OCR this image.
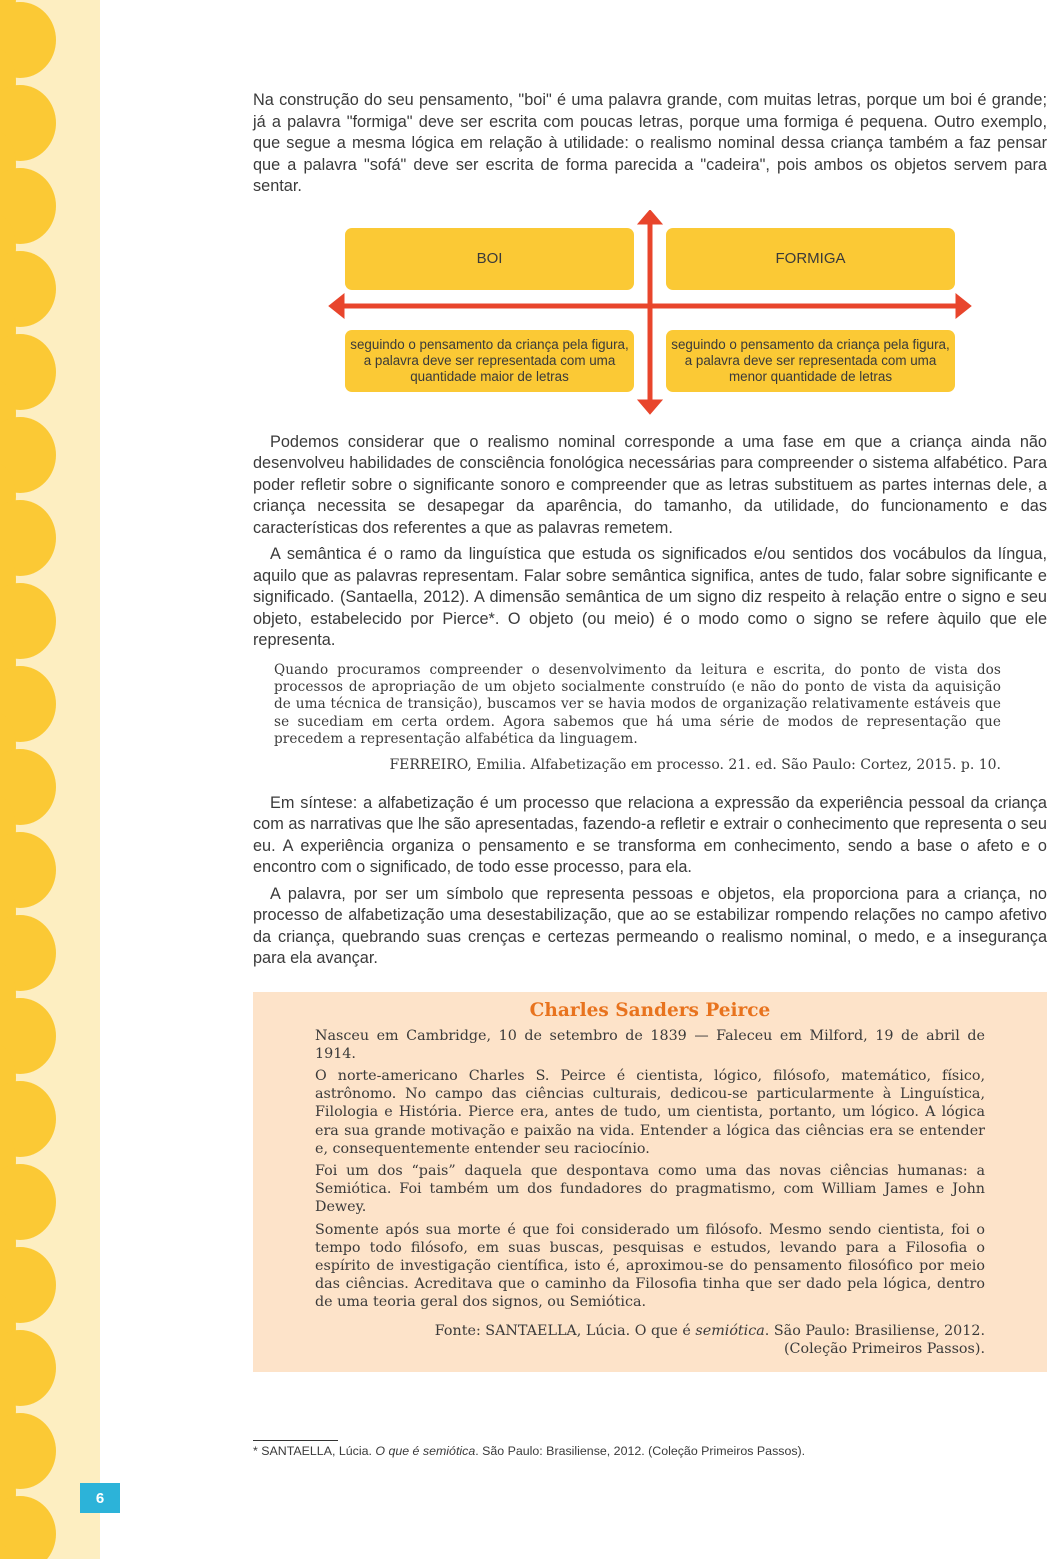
Na construção do seu pensamento, "boi" é uma palavra grande, com muitas letras, porque um boi é grande; já a palavra "formiga" deve ser escrita com poucas letras, porque uma formiga é pequena. Outro exemplo, que segue a mesma lógica em relação à utilidade: o realismo nominal dessa criança também a faz pensar que a palavra "sofá" deve ser escrita de forma parecida a "cadeira", pois ambos os objetos servem para sentar.

BOI	FORMIGA
seguindo o pensamento da criança pela figura, a palavra deve ser representada com uma quantidade maior de letras
seguindo o pensamento da criança pela figura, a palavra deve ser representada com uma menor quantidade de letras

Podemos considerar que o realismo nominal corresponde a uma fase em que a criança ainda não desenvolveu habilidades de consciência fonológica necessárias para compreender o sistema alfabético. Para poder refletir sobre o significante sonoro e compreender que as letras substituem as partes internas dele, a criança necessita se desapegar da aparência, do tamanho, da utilidade, do funcionamento e das características dos referentes a que as palavras remetem.

A semântica é o ramo da linguística que estuda os significados e/ou sentidos dos vocábulos da língua, aquilo que as palavras representam. Falar sobre semântica significa, antes de tudo, falar sobre significante e significado. (Santaella, 2012). A dimensão semântica de um signo diz respeito à relação entre o signo e seu objeto, estabelecido por Pierce*. O objeto (ou meio) é o modo como o signo se refere àquilo que ele representa.

Quando procuramos compreender o desenvolvimento da leitura e escrita, do ponto de vista dos processos de apropriação de um objeto socialmente construído (e não do ponto de vista da aquisição de uma técnica de transição), buscamos ver se havia modos de organização relativamente estáveis que se sucediam em certa ordem. Agora sabemos que há uma série de modos de representação que precedem a representação alfabética da linguagem.
FERREIRO, Emilia. Alfabetização em processo. 21. ed. São Paulo: Cortez, 2015. p. 10.

Em síntese: a alfabetização é um processo que relaciona a expressão da experiência pessoal da criança com as narrativas que lhe são apresentadas, fazendo-a refletir e extrair o conhecimento que representa o seu eu. A experiência organiza o pensamento e se transforma em conhecimento, sendo a base o afeto e o encontro com o significado, de todo esse processo, para ela.

A palavra, por ser um símbolo que representa pessoas e objetos, ela proporciona para a criança, no processo de alfabetização uma desestabilização, que ao se estabilizar rompendo relações no campo afetivo da criança, quebrando suas crenças e certezas permeando o realismo nominal, o medo, e a insegurança para ela avançar.

Charles Sanders Peirce

Nasceu em Cambridge, 10 de setembro de 1839 — Faleceu em Milford, 19 de abril de 1914.

O norte-americano Charles S. Peirce é cientista, lógico, filósofo, matemático, físico, astrônomo. No campo das ciências culturais, dedicou-se particularmente à Linguística, Filologia e História. Pierce era, antes de tudo, um cientista, portanto, um lógico. A lógica era sua grande motivação e paixão na vida. Entender a lógica das ciências era se entender e, consequentemente entender seu raciocínio.

Foi um dos “pais” daquela que despontava como uma das novas ciências humanas: a Semiótica. Foi também um dos fundadores do pragmatismo, com William James e John Dewey.

Somente após sua morte é que foi considerado um filósofo. Mesmo sendo cientista, foi o tempo todo filósofo, em suas buscas, pesquisas e estudos, levando para a Filosofia o espírito de investigação científica, isto é, aproximou-se do pensamento filosófico por meio das ciências. Acreditava que o caminho da Filosofia tinha que ser dado pela lógica, dentro de uma teoria geral dos signos, ou Semiótica.

Fonte: SANTAELLA, Lúcia. O que é semiótica. São Paulo: Brasiliense, 2012.
(Coleção Primeiros Passos).
* SANTAELLA, Lúcia. O que é semiótica. São Paulo: Brasiliense, 2012. (Coleção Primeiros Passos).
6
